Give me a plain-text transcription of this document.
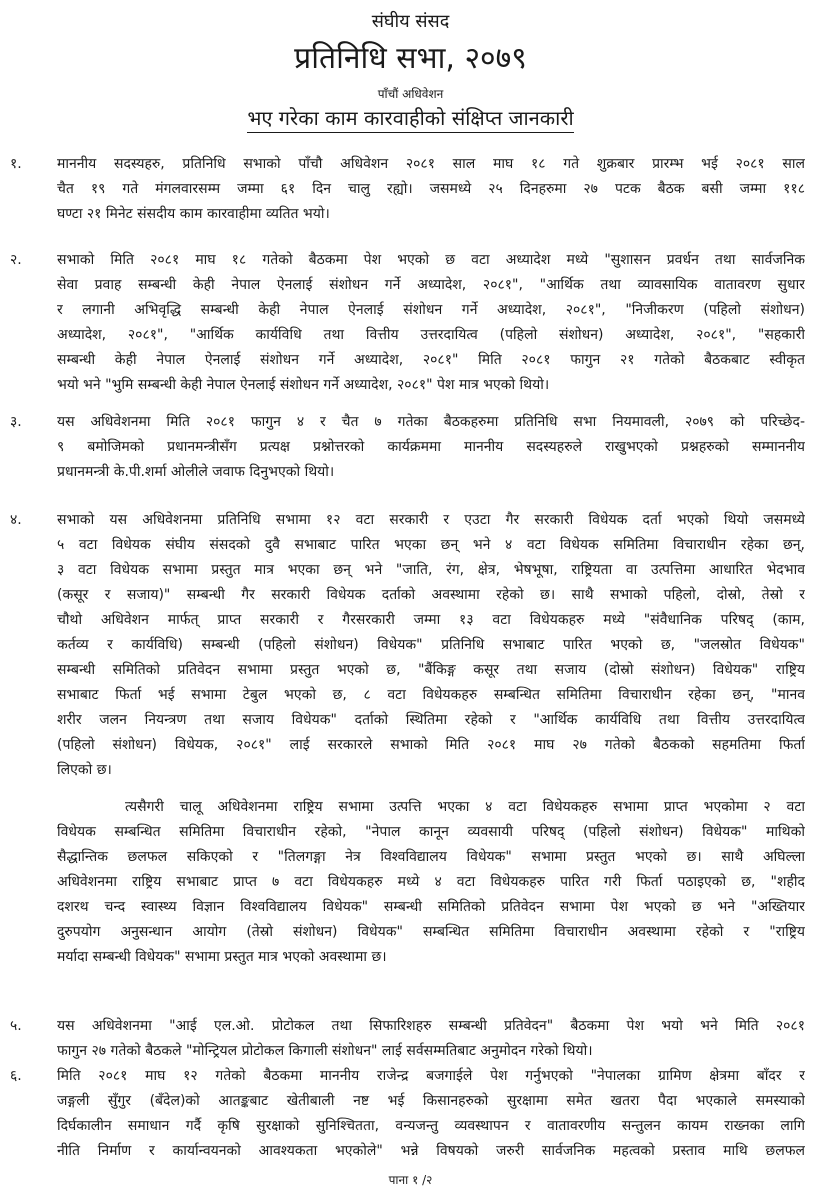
संघीय संसद
प्रतिनिधि सभा, २०७९
पाँचौं अधिवेशन
भए गरेका काम कारवाहीको संक्षिप्त जानकारी
१.	माननीय सदस्यहरु, प्रतिनिधि सभाको पाँचौ अधिवेशन २०८१ साल माघ १८ गते शुक्रबार प्रारम्भ भई २०८१ साल
चैत १९ गते मंगलवारसम्म जम्मा ६१ दिन चालु रह्यो। जसमध्ये २५ दिनहरुमा २७ पटक बैठक बसी जम्मा ११८
घण्टा २१ मिनेट संसदीय काम कारवाहीमा व्यतित भयो।
२.	सभाको मिति २०८१ माघ १८ गतेको बैठकमा पेश भएको छ वटा अध्यादेश मध्ये "सुशासन प्रवर्धन तथा सार्वजनिक
सेवा प्रवाह सम्बन्धी केही नेपाल ऐनलाई संशोधन गर्ने अध्यादेश, २०८१", "आर्थिक तथा व्यावसायिक वातावरण सुधार
र लगानी अभिवृद्धि सम्बन्धी केही नेपाल ऐनलाई संशोधन गर्ने अध्यादेश, २०८१", "निजीकरण (पहिलो संशोधन)
अध्यादेश, २०८१", "आर्थिक कार्यविधि तथा वित्तीय उत्तरदायित्व (पहिलो संशोधन) अध्यादेश, २०८१", "सहकारी
सम्बन्धी केही नेपाल ऐनलाई संशोधन गर्ने अध्यादेश, २०८१" मिति २०८१ फागुन २१ गतेको बैठकबाट स्वीकृत
भयो भने "भुमि सम्बन्धी केही नेपाल ऐनलाई संशोधन गर्ने अध्यादेश, २०८१" पेश मात्र भएको थियो।
३.	यस अधिवेशनमा मिति २०८१ फागुन ४ र चैत ७ गतेका बैठकहरुमा प्रतिनिधि सभा नियमावली, २०७९ को परिच्छेद-
९ बमोजिमको प्रधानमन्त्रीसँग प्रत्यक्ष प्रश्नोत्तरको कार्यक्रममा माननीय सदस्यहरुले राखुभएको प्रश्नहरुको सम्माननीय
प्रधानमन्त्री के.पी.शर्मा ओलीले जवाफ दिनुभएको थियो।
४.	सभाको यस अधिवेशनमा प्रतिनिधि सभामा १२ वटा सरकारी र एउटा गैर सरकारी विधेयक दर्ता भएको थियो जसमध्ये
५ वटा विधेयक संघीय संसदको दुवै सभाबाट पारित भएका छन् भने ४ वटा विधेयक समितिमा विचाराधीन रहेका छन्,
३ वटा विधेयक सभामा प्रस्तुत मात्र भएका छन् भने "जाति, रंग, क्षेत्र, भेषभूषा, राष्ट्रियता वा उत्पत्तिमा आधारित भेदभाव
(कसूर र सजाय)" सम्बन्धी गैर सरकारी विधेयक दर्ताको अवस्थामा रहेको छ। साथै सभाको पहिलो, दोस्रो, तेस्रो र
चौथो अधिवेशन मार्फत् प्राप्त सरकारी र गैरसरकारी जम्मा १३ वटा विधेयकहरु मध्ये "संवैधानिक परिषद् (काम,
कर्तव्य र कार्यविधि) सम्बन्धी (पहिलो संशोधन) विधेयक" प्रतिनिधि सभाबाट पारित भएको छ, "जलस्रोत विधेयक"
सम्बन्धी समितिको प्रतिवेदन सभामा प्रस्तुत भएको छ, "बैंकिङ्ग कसूर तथा सजाय (दोस्रो संशोधन) विधेयक" राष्ट्रिय
सभाबाट फिर्ता भई सभामा टेबुल भएको छ, ८ वटा विधेयकहरु सम्बन्धित समितिमा विचाराधीन रहेका छन्, "मानव
शरीर जलन नियन्त्रण तथा सजाय विधेयक" दर्ताको स्थितिमा रहेको र "आर्थिक कार्यविधि तथा वित्तीय उत्तरदायित्व
(पहिलो संशोधन) विधेयक, २०८१" लाई सरकारले सभाको मिति २०८१ माघ २७ गतेको बैठकको सहमतिमा फिर्ता
लिएको छ।
त्यसैगरी चालू अधिवेशनमा राष्ट्रिय सभामा उत्पत्ति भएका ४ वटा विधेयकहरु सभामा प्राप्त भएकोमा २ वटा
विधेयक सम्बन्धित समितिमा विचाराधीन रहेको, "नेपाल कानून व्यवसायी परिषद् (पहिलो संशोधन) विधेयक" माथिको
सैद्धान्तिक छलफल सकिएको र "तिलगङ्गा नेत्र विश्वविद्यालय विधेयक" सभामा प्रस्तुत भएको छ। साथै अघिल्ला
अधिवेशनमा राष्ट्रिय सभाबाट प्राप्त ७ वटा विधेयकहरु मध्ये ४ वटा विधेयकहरु पारित गरी फिर्ता पठाइएको छ, "शहीद
दशरथ चन्द स्वास्थ्य विज्ञान विश्वविद्यालय विधेयक" सम्बन्धी समितिको प्रतिवेदन सभामा पेश भएको छ भने "अख्तियार
दुरुपयोग अनुसन्धान आयोग (तेस्रो संशोधन) विधेयक" सम्बन्धित समितिमा विचाराधीन अवस्थामा रहेको र "राष्ट्रिय
मर्यादा सम्बन्धी विधेयक" सभामा प्रस्तुत मात्र भएको अवस्थामा छ।
५.	यस अधिवेशनमा "आई एल.ओ. प्रोटोकल तथा सिफारिशहरु सम्बन्धी प्रतिवेदन" बैठकमा पेश भयो भने मिति २०८१
फागुन २७ गतेको बैठकले "मोन्ट्रियल प्रोटोकल किगाली संशोधन" लाई सर्वसम्मतिबाट अनुमोदन गरेको थियो।
६.	मिति २०८१ माघ १२ गतेको बैठकमा माननीय राजेन्द्र बजगाईले पेश गर्नुभएको "नेपालका ग्रामिण क्षेत्रमा बाँदर र
जङ्गली सुँगुर (बँदेल)को आतङ्कबाट खेतीबाली नष्ट भई किसानहरुको सुरक्षामा समेत खतरा पैदा भएकाले समस्याको
दिर्घकालीन समाधान गर्दै कृषि सुरक्षाको सुनिश्चितता, वन्यजन्तु व्यवस्थापन र वातावरणीय सन्तुलन कायम राख्नका लागि
नीति निर्माण र कार्यान्वयनको आवश्यकता भएकोले" भन्ने विषयको जरुरी सार्वजनिक महत्वको प्रस्ताव माथि छलफल
पाना १ /२
